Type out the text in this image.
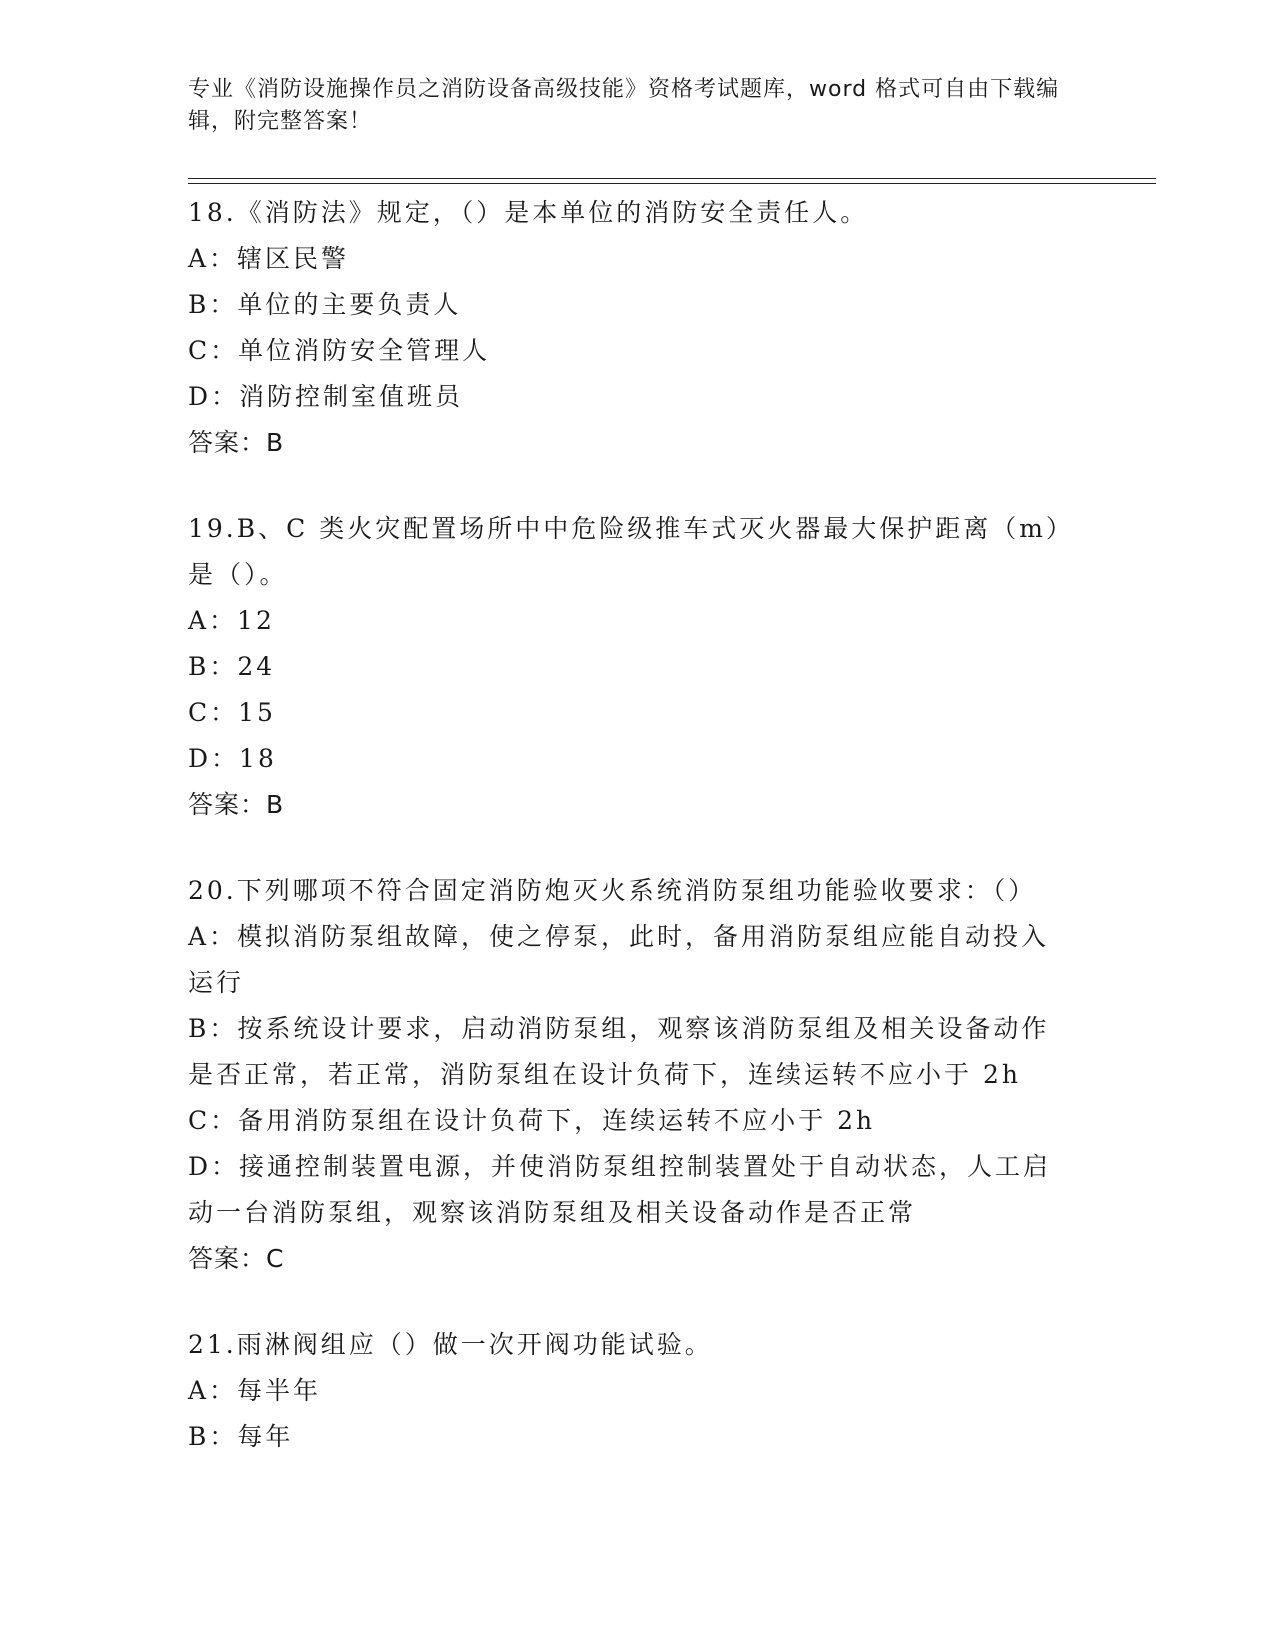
专业《消防设施操作员之消防设备高级技能》资格考试题库，word 格式可自由下载编辑，附完整答案！
18.《消防法》规定，（）是本单位的消防安全责任人。
A：辖区民警
B：单位的主要负责人
C：单位消防安全管理人
D：消防控制室值班员
答案：B
19.B、C 类火灾配置场所中中危险级推车式灭火器最大保护距离（m）是（）。
A：12
B：24
C：15
D：18
答案：B
20.下列哪项不符合固定消防炮灭火系统消防泵组功能验收要求：（）
A：模拟消防泵组故障，使之停泵，此时，备用消防泵组应能自动投入运行
B：按系统设计要求，启动消防泵组，观察该消防泵组及相关设备动作是否正常，若正常，消防泵组在设计负荷下，连续运转不应小于 2h
C：备用消防泵组在设计负荷下，连续运转不应小于 2h
D：接通控制装置电源，并使消防泵组控制装置处于自动状态，人工启动一台消防泵组，观察该消防泵组及相关设备动作是否正常
答案：C
21.雨淋阀组应（）做一次开阀功能试验。
A：每半年
B：每年
